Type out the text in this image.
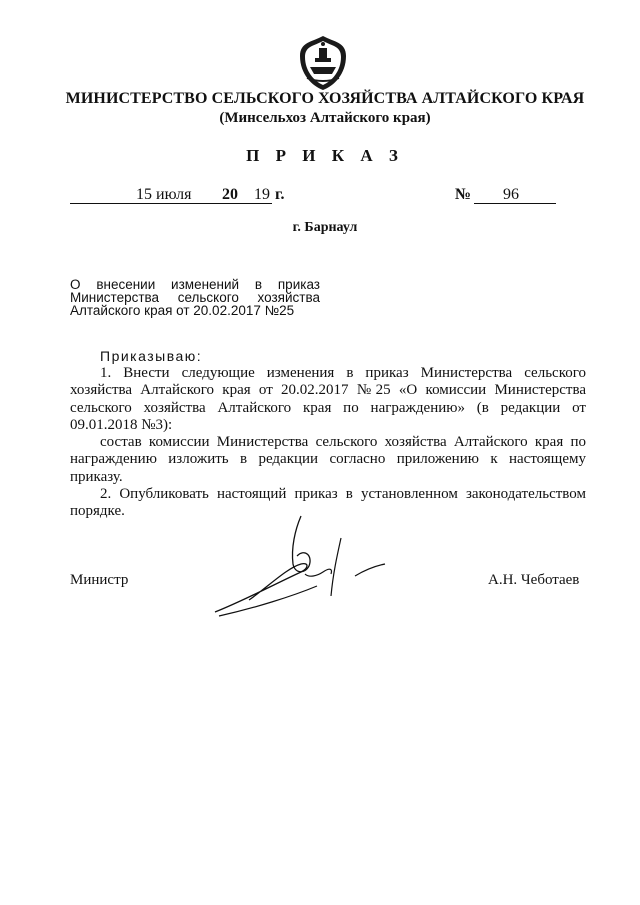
МИНИСТЕРСТВО СЕЛЬСКОГО ХОЗЯЙСТВА АЛТАЙСКОГО КРАЯ
(Минсельхоз Алтайского края)
П Р И К А З
15 июля 20 19 г.	№ 96
г. Барнаул
О внесении изменений в приказ
Министерства сельского хозяйства
Алтайского края от 20.02.2017 №25
Приказываю:

1. Внести следующие изменения в приказ Министерства сельского хозяйства Алтайского края от 20.02.2017 №25 «О комиссии Министерства сельского хозяйства Алтайского края по награждению» (в редакции от 09.01.2018 №3):

состав комиссии Министерства сельского хозяйства Алтайского края по награждению изложить в редакции согласно приложению к настоящему приказу.

2. Опубликовать настоящий приказ в установленном законодательством порядке.

Министр	А.Н. Чеботаев
